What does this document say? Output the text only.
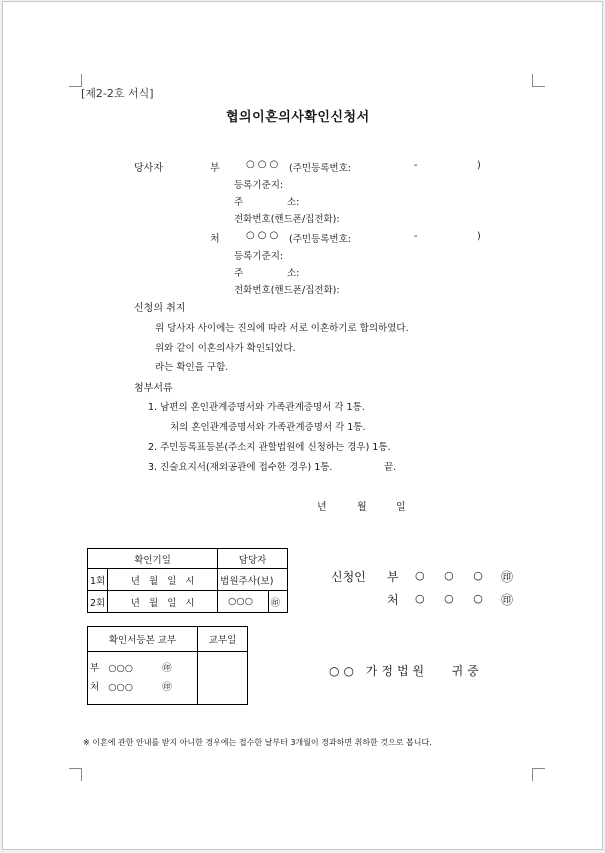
[제2-2호 서식]
협의이혼의사확인신청서
당사자	부	○○○ (주민등록번호:	-	)
등록기준지:
주	소:
전화번호(핸드폰/집전화):
처	○○○ (주민등록번호:	-	)
등록기준지:
주	소:
전화번호(핸드폰/집전화):
신청의 취지
위 당사자 사이에는 진의에 따라 서로 이혼하기로 합의하였다.
위와 같이 이혼의사가 확인되었다.
라는 확인을 구함.
첨부서류
1. 남편의 혼인관계증명서와 가족관계증명서 각 1통.
처의 혼인관계증명서와 가족관계증명서 각 1통.
2. 주민등록표등본(주소지 관할법원에 신청하는 경우) 1통.
3. 진술요지서(재외공관에 접수한 경우) 1통.	끝.
년	월	일
확인기일		담당자	
1회	년 월 일 시	법원주사(보)	
2회	년 월 일 시	○○○	㊞
확인서등본 교부	교부일

부 ○○○ ㊞
처 ○○○ ㊞	

신청인 부 ○ ○ ○ ㊞
처 ○ ○ ○ ㊞
○○ 가정법원   귀중
※ 이혼에 관한 안내를 받지 아니한 경우에는 접수한 날부터 3개월이 경과하면 취하한 것으로 봅니다.
